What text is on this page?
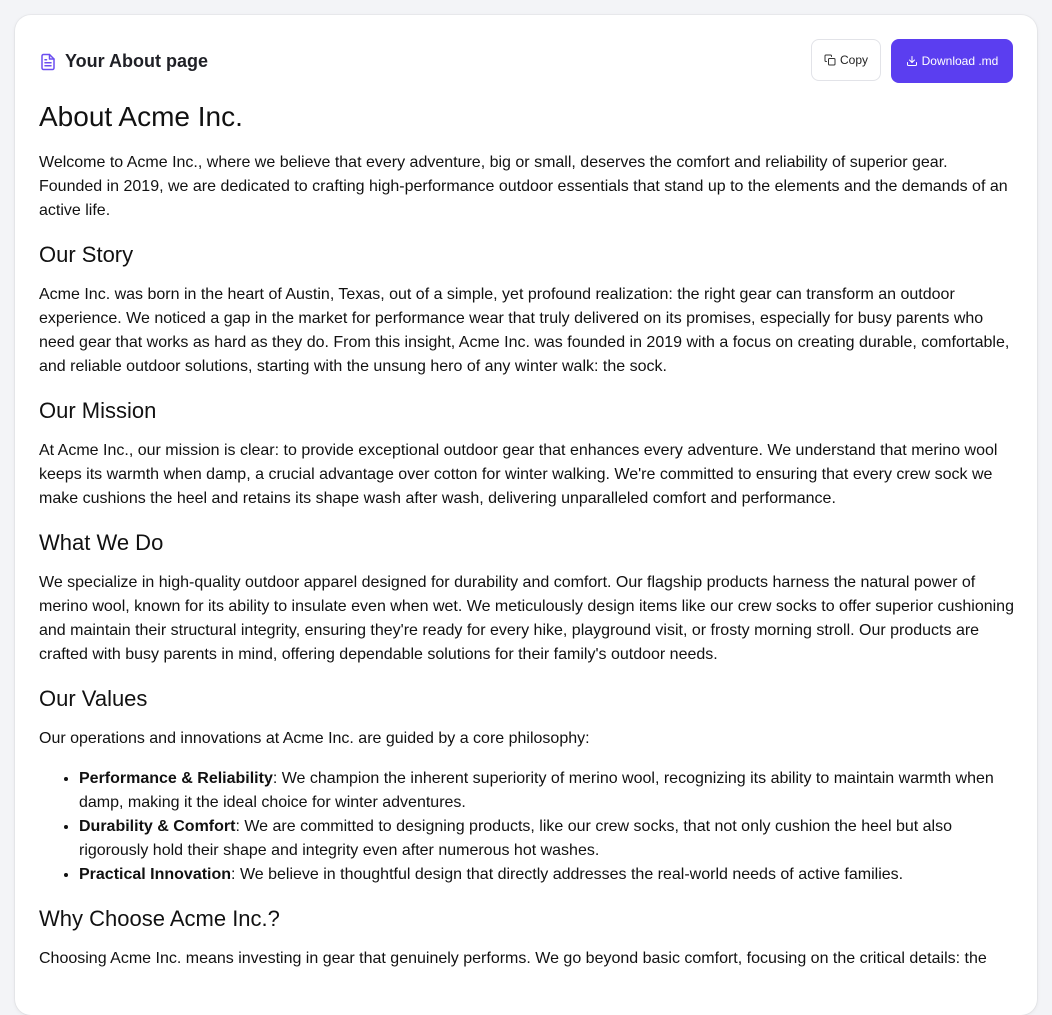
Your About page	Copy	Download .md
About Acme Inc.

Welcome to Acme Inc., where we believe that every adventure, big or small, deserves the comfort and reliability of superior gear. Founded in 2019, we are dedicated to crafting high-performance outdoor essentials that stand up to the elements and the demands of an active life.

Our Story

Acme Inc. was born in the heart of Austin, Texas, out of a simple, yet profound realization: the right gear can transform an outdoor experience. We noticed a gap in the market for performance wear that truly delivered on its promises, especially for busy parents who need gear that works as hard as they do. From this insight, Acme Inc. was founded in 2019 with a focus on creating durable, comfortable, and reliable outdoor solutions, starting with the unsung hero of any winter walk: the sock.

Our Mission

At Acme Inc., our mission is clear: to provide exceptional outdoor gear that enhances every adventure. We understand that merino wool keeps its warmth when damp, a crucial advantage over cotton for winter walking. We're committed to ensuring that every crew sock we make cushions the heel and retains its shape wash after wash, delivering unparalleled comfort and performance.

What We Do

We specialize in high-quality outdoor apparel designed for durability and comfort. Our flagship products harness the natural power of merino wool, known for its ability to insulate even when wet. We meticulously design items like our crew socks to offer superior cushioning and maintain their structural integrity, ensuring they're ready for every hike, playground visit, or frosty morning stroll. Our products are crafted with busy parents in mind, offering dependable solutions for their family's outdoor needs.

Our Values

Our operations and innovations at Acme Inc. are guided by a core philosophy:

• Performance & Reliability: We champion the inherent superiority of merino wool, recognizing its ability to maintain warmth when damp, making it the ideal choice for winter adventures.
• Durability & Comfort: We are committed to designing products, like our crew socks, that not only cushion the heel but also rigorously hold their shape and integrity even after numerous hot washes.
• Practical Innovation: We believe in thoughtful design that directly addresses the real-world needs of active families.
Why Choose Acme Inc.?

Choosing Acme Inc. means investing in gear that genuinely performs. We go beyond basic comfort, focusing on the critical details: the
